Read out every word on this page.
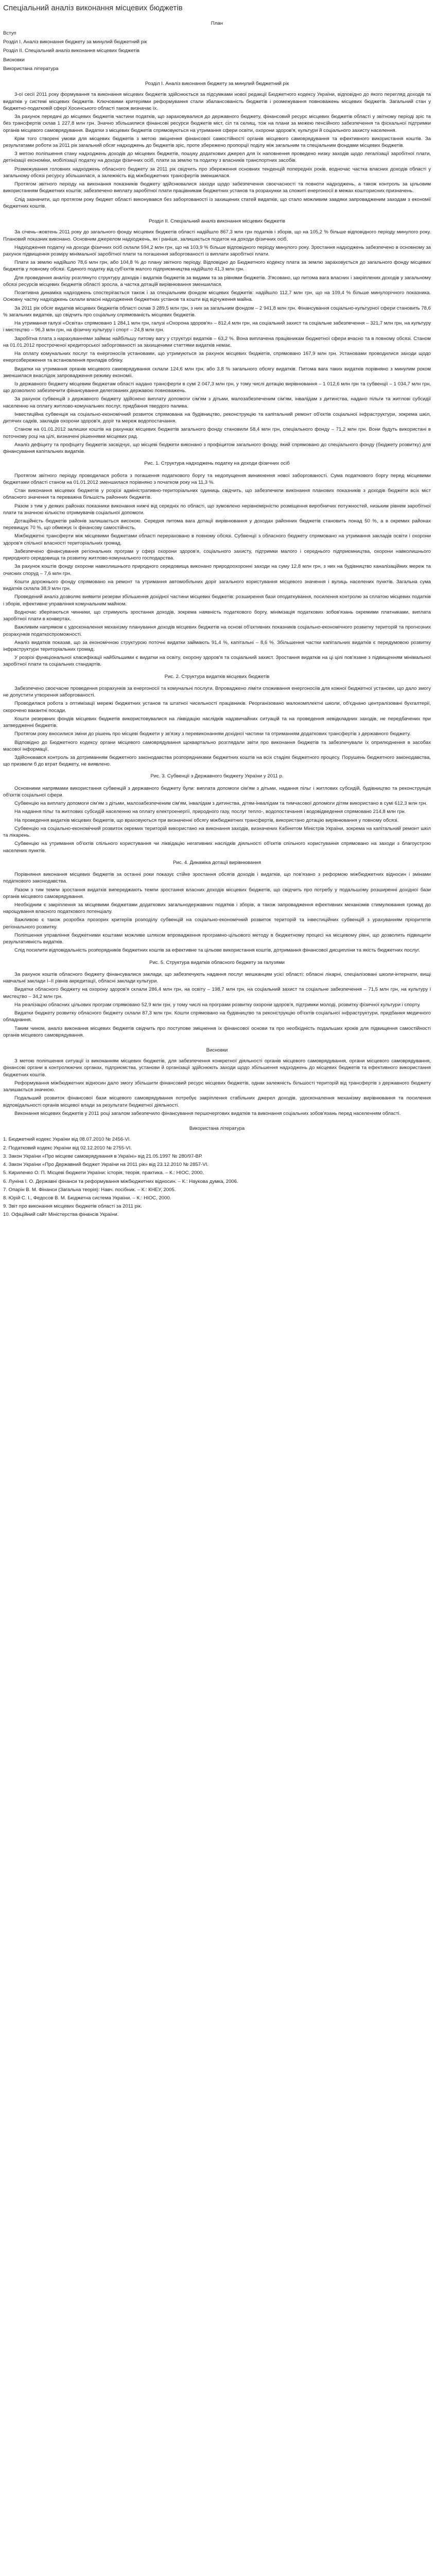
Спеціальний аналіз виконання місцевих бюджетів
План
Вступ
Розділ I. Аналіз виконання бюджету за минулий бюджетний рік
Розділ II. Спеціальний аналіз виконання місцевих бюджетів
Висновки
Використана література
Розділ I. Аналіз виконання бюджету за минулий бюджетний рік
3-ої сесії 2011 року формування та виконання місцевих бюджетів здійснюється за підсумками нової редакції Бюджетного кодексу України, відповідно до якого перегляд доходів та видатків у системі місцевих бюджетів. Ключовими критеріями реформування стали збалансованість бюджетів і розмежування повноважень місцевих бюджетів. Загальний стан у бюджетно-податковій сфері Хосинського області також визначає їх.
За рахунок передачі до місцевих бюджетів частини податків, що зараховувалися до державного бюджету, фінансовий ресурс місцевих бюджетів області у звітному періоді зріс та без трансфертів склав 1 227,8 млн грн. Значно збільшилися фінансові ресурси бюджетів міст, сіл та селищ, тож на плани за межею пенсійного забезпечення та фіскальної підтримки органів місцевого самоврядування. Видатки з місцевих бюджетів спрямовуються на утримання сфери освіти, охорони здоров'я, культури й соціального захисту населення.
Крім того створені умови для місцевих бюджетів з метою зміцнення фінансової самостійності органів місцевого самоврядування та ефективного використання коштів. За результатами роботи за 2011 рік загальний обсяг надходжень до бюджетів зріс, проте збережено пропорції поділу між загальним та спеціальним фондами місцевих бюджетів.
З метою поліпшення стану надходжень доходів до місцевих бюджетів, пошуку додаткових джерел для їх наповнення проведено низку заходів щодо легалізації заробітної плати, детінізації економіки, мобілізації податку на доходи фізичних осіб, плати за землю та податку з власників транспортних засобів.
Розмежування головних надходжень обласного бюджету за 2011 рік свідчить про збереження основних тенденцій попередніх років, водночас частка власних доходів області у загальному обсязі ресурсу збільшилася, а залежність від міжбюджетних трансфертів зменшилася.
Протягом звітного періоду на виконання показників бюджету здійснювалися заходи щодо забезпечення своєчасності та повноти надходжень, а також контроль за цільовим використанням бюджетних коштів; забезпечено виплату заробітної плати працівникам бюджетних установ та розрахунки за спожиті енергоносії в межах кошторисних призначень.
Слід зазначити, що протягом року бюджет області виконувався без заборгованості із захищених статей видатків, що стало можливим завдяки запровадженим заходам з економії бюджетних коштів.
Розділ II. Спеціальний аналіз виконання місцевих бюджетів
За січень–жовтень 2011 року до загального фонду місцевих бюджетів області надійшло 867,3 млн грн податків і зборів, що на 105,2 % більше відповідного періоду минулого року. Плановий показник виконано. Основним джерелом надходжень, як і раніше, залишається податок на доходи фізичних осіб.
Надходження податку на доходи фізичних осіб склали 594,2 млн грн, що на 103,9 % більше відповідного періоду минулого року. Зростання надходжень забезпечено в основному за рахунок підвищення розміру мінімальної заробітної плати та погашення заборгованості із виплати заробітної плати.
Плати за землю надійшло 78,6 млн грн, або 104,8 % до плану звітного періоду. Відповідно до Бюджетного кодексу плата за землю зараховується до загального фонду місцевих бюджетів у повному обсязі. Єдиного податку від суб'єктів малого підприємництва надійшло 41,3 млн грн.
Для проведення аналізу розглянуто структуру доходів і видатків бюджетів за видами та за рівнями бюджетів. З'ясовано, що питома вага власних і закріплених доходів у загальному обсязі ресурсів місцевих бюджетів області зросла, а частка дотацій вирівнювання зменшилася.
Позитивна динаміка надходжень спостерігається також і за спеціальним фондом місцевих бюджетів: надійшло 112,7 млн грн, що на 109,4 % більше минулорічного показника. Основну частку надходжень склали власні надходження бюджетних установ та кошти від відчуження майна.
За 2011 рік обсяг видатків місцевих бюджетів області склав 3 289,5 млн грн, з них за загальним фондом – 2 941,8 млн грн. Фінансування соціально-культурної сфери становить 78,6 % загальних видатків, що свідчить про соціальну спрямованість місцевих бюджетів.
На утримання галузі «Освіта» спрямовано 1 284,1 млн грн, галузі «Охорона здоров'я» – 812,4 млн грн, на соціальний захист та соціальне забезпечення – 321,7 млн грн, на культуру і мистецтво – 96,3 млн грн, на фізичну культуру і спорт – 24,8 млн грн.
Заробітна плата з нарахуваннями займає найбільшу питому вагу у структурі видатків – 63,2 %. Вона виплачена працівникам бюджетної сфери вчасно та в повному обсязі. Станом на 01.01.2012 простроченої кредиторської заборгованості за захищеними статтями видатків немає.
На оплату комунальних послуг та енергоносіїв установами, що утримуються за рахунок місцевих бюджетів, спрямовано 167,9 млн грн. Установами проводилися заходи щодо енергозбереження та встановлення приладів обліку.
Видатки на утримання органів місцевого самоврядування склали 124,6 млн грн, або 3,8 % загального обсягу видатків. Питома вага таких видатків порівняно з минулим роком зменшилася внаслідок запровадження режиму економії.
Із державного бюджету місцевим бюджетам області надано трансферти в сумі 2 047,3 млн грн, у тому числі дотацію вирівнювання – 1 012,6 млн грн та субвенції – 1 034,7 млн грн, що дозволило забезпечити фінансування делегованих державою повноважень.
За рахунок субвенцій з державного бюджету здійснено виплату допомоги сім'ям з дітьми, малозабезпеченим сім'ям, інвалідам з дитинства, надано пільги та житлові субсидії населенню на оплату житлово-комунальних послуг, придбання твердого палива.
Інвестиційна субвенція на соціально-економічний розвиток спрямована на будівництво, реконструкцію та капітальний ремонт об'єктів соціальної інфраструктури, зокрема шкіл, дитячих садків, закладів охорони здоров'я, доріг та мереж водопостачання.
Станом на 01.01.2012 залишки коштів на рахунках місцевих бюджетів загального фонду становили 58,4 млн грн, спеціального фонду – 71,2 млн грн. Вони будуть використані в поточному році на цілі, визначені рішеннями місцевих рад.
Аналіз дефіциту та профіциту бюджетів засвідчує, що місцеві бюджети виконано з профіцитом загального фонду, який спрямовано до спеціального фонду (бюджету розвитку) для фінансування капітальних видатків.
Рис. 1. Структура надходжень податку на доходи фізичних осіб
Протягом звітного періоду проводилася робота з погашення податкового боргу та недопущення виникнення нової заборгованості. Сума податкового боргу перед місцевими бюджетами області станом на 01.01.2012 зменшилася порівняно з початком року на 11,3 %.
Стан виконання місцевих бюджетів у розрізі адміністративно-територіальних одиниць свідчить, що забезпечили виконання планових показників з доходів бюджети всіх міст обласного значення та переважна більшість районних бюджетів.
Разом з тим у деяких районах показники виконання нижчі від середніх по області, що зумовлено нерівномірністю розміщення виробничих потужностей, низьким рівнем заробітної плати та значною кількістю отримувачів соціальної допомоги.
Дотаційність бюджетів районів залишається високою. Середня питома вага дотації вирівнювання у доходах районних бюджетів становить понад 50 %, а в окремих районах перевищує 70 %, що обмежує їх фінансову самостійність.
Міжбюджетні трансферти між місцевими бюджетами області перераховано в повному обсязі. Субвенції з обласного бюджету спрямовано на утримання закладів освіти і охорони здоров'я спільної власності територіальних громад.
Забезпечено фінансування регіональних програм у сфері охорони здоров'я, соціального захисту, підтримки малого і середнього підприємництва, охорони навколишнього природного середовища та розвитку житлово-комунального господарства.
За рахунок коштів фонду охорони навколишнього природного середовища виконано природоохоронні заходи на суму 12,8 млн грн, з них на будівництво каналізаційних мереж та очисних споруд – 7,6 млн грн.
Кошти дорожнього фонду спрямовано на ремонт та утримання автомобільних доріг загального користування місцевого значення і вулиць населених пунктів. Загальна сума видатків склала 38,9 млн грн.
Проведений аналіз дозволяє виявити резерви збільшення дохідної частини місцевих бюджетів: розширення бази оподаткування, посилення контролю за сплатою місцевих податків і зборів, ефективне управління комунальним майном.
Водночас зберігаються чинники, що стримують зростання доходів, зокрема наявність податкового боргу, мінімізація податкових зобов'язань окремими платниками, виплата заробітної плати в конвертах.
Важливим напрямом є удосконалення механізму планування доходів місцевих бюджетів на основі об'єктивних показників соціально-економічного розвитку територій та прогнозних розрахунків податкоспроможності.
Аналіз видатків показав, що за економічною структурою поточні видатки займають 91,4 %, капітальні – 8,6 %. Збільшення частки капітальних видатків є передумовою розвитку інфраструктури територіальних громад.
У розрізі функціональної класифікації найбільшими є видатки на освіту, охорону здоров'я та соціальний захист. Зростання видатків на ці цілі пов'язане з підвищенням мінімальної заробітної плати та соціальних стандартів.
Рис. 2. Структура видатків місцевих бюджетів
Забезпечено своєчасне проведення розрахунків за енергоносії та комунальні послуги. Впроваджено ліміти споживання енергоносіїв для кожної бюджетної установи, що дало змогу не допустити утворення заборгованості.
Проводилася робота з оптимізації мережі бюджетних установ та штатної чисельності працівників. Реорганізовано малокомплектні школи, об'єднано централізовані бухгалтерії, скорочено вакантні посади.
Кошти резервних фондів місцевих бюджетів використовувалися на ліквідацію наслідків надзвичайних ситуацій та на проведення невідкладних заходів, не передбачених при затвердженні бюджетів.
Протягом року вносилися зміни до рішень про місцеві бюджети у зв'язку з перевиконанням дохідної частини та отриманням додаткових трансфертів з державного бюджету.
Відповідно до Бюджетного кодексу органи місцевого самоврядування щоквартально розглядали звіти про виконання бюджетів та забезпечували їх оприлюднення в засобах масової інформації.
Здійснювався контроль за дотриманням бюджетного законодавства розпорядниками бюджетних коштів на всіх стадіях бюджетного процесу. Порушень бюджетного законодавства, що призвели б до втрат бюджету, не виявлено.
Рис. 3. Субвенції з Державного бюджету України у 2011 р.
Основними напрямами використання субвенцій з державного бюджету були: виплата допомоги сім'ям з дітьми, надання пільг і житлових субсидій, будівництво та реконструкція об'єктів соціальної сфери.
Субвенцію на виплату допомоги сім'ям з дітьми, малозабезпеченим сім'ям, інвалідам з дитинства, дітям-інвалідам та тимчасової допомоги дітям використано в сумі 612,3 млн грн.
На надання пільг та житлових субсидій населенню на оплату електроенергії, природного газу, послуг тепло-, водопостачання і водовідведення спрямовано 214,8 млн грн.
На проведення видатків місцевих бюджетів, що враховуються при визначенні обсягу міжбюджетних трансфертів, використано дотацію вирівнювання у повному обсязі.
Субвенцію на соціально-економічний розвиток окремих територій використано на виконання заходів, визначених Кабінетом Міністрів України, зокрема на капітальний ремонт шкіл та лікарень.
Субвенцію на утримання об'єктів спільного користування чи ліквідацію негативних наслідків діяльності об'єктів спільного користування спрямовано на заходи з благоустрою населених пунктів.
Рис. 4. Динаміка дотації вирівнювання
Порівняння виконання місцевих бюджетів за останні роки показує стійке зростання обсягів доходів і видатків, що пов'язано з реформою міжбюджетних відносин і змінами податкового законодавства.
Разом з тим темпи зростання видатків випереджають темпи зростання власних доходів місцевих бюджетів, що свідчить про потребу у подальшому розширенні дохідної бази органів місцевого самоврядування.
Необхідним є закріплення за місцевими бюджетами додаткових загальнодержавних податків і зборів, а також запровадження ефективних механізмів стимулювання громад до нарощування власного податкового потенціалу.
Важливою є також розробка прозорих критеріїв розподілу субвенцій на соціально-економічний розвиток територій та інвестиційних субвенцій з урахуванням пріоритетів регіонального розвитку.
Поліпшення управління бюджетними коштами можливе шляхом впровадження програмно-цільового методу в бюджетному процесі на місцевому рівні, що дозволить підвищити результативність видатків.
Слід посилити відповідальність розпорядників бюджетних коштів за ефективне та цільове використання коштів, дотримання фінансової дисципліни та якість бюджетних послуг.
Рис. 5. Структура видатків обласного бюджету за галузями
За рахунок коштів обласного бюджету фінансувалися заклади, що забезпечують надання послуг мешканцям усієї області: обласні лікарні, спеціалізовані школи-інтернати, вищі навчальні заклади I–II рівнів акредитації, обласні заклади культури.
Видатки обласного бюджету на охорону здоров'я склали 286,4 млн грн, на освіту – 198,7 млн грн, на соціальний захист та соціальне забезпечення – 71,5 млн грн, на культуру і мистецтво – 34,2 млн грн.
На реалізацію обласних цільових програм спрямовано 52,9 млн грн, у тому числі на програми розвитку охорони здоров'я, підтримки молоді, розвитку фізичної культури і спорту.
Видатки бюджету розвитку обласного бюджету склали 87,3 млн грн. Кошти спрямовано на будівництво та реконструкцію об'єктів соціальної інфраструктури, придбання медичного обладнання.
Таким чином, аналіз виконання місцевих бюджетів свідчить про поступове зміцнення їх фінансової основи та про необхідність подальших кроків для підвищення самостійності органів місцевого самоврядування.
Висновки
З метою поліпшення ситуації із виконанням місцевих бюджетів, для забезпечення конкретної діяльності органів місцевого самоврядування, органи місцевого самоврядування, фінансові органи в контролюючих органах, підприємства, установи й організації здійснюють заходи щодо збільшення надходжень до місцевих бюджетів та ефективного використання бюджетних коштів.
Реформування міжбюджетних відносин дало змогу збільшити фінансовий ресурс місцевих бюджетів, однак залежність більшості територій від трансфертів з державного бюджету залишається значною.
Подальший розвиток фінансової бази місцевого самоврядування потребує закріплення стабільних джерел доходів, удосконалення механізму вирівнювання та посилення відповідальності органів місцевої влади за результати бюджетної діяльності.
Виконання місцевих бюджетів у 2011 році загалом забезпечило фінансування першочергових видатків та виконання соціальних зобов'язань перед населенням області.
Використана література
1. Бюджетний кодекс України від 08.07.2010 № 2456-VI.
2. Податковий кодекс України від 02.12.2010 № 2755-VI.
3. Закон України «Про місцеве самоврядування в Україні» від 21.05.1997 № 280/97-ВР.
4. Закон України «Про Державний бюджет України на 2011 рік» від 23.12.2010 № 2857-VI.
5. Кириленко О. П. Місцеві бюджети України: історія, теорія, практика. – К.: НІОС, 2000.
6. Луніна І. О. Державні фінанси та реформування міжбюджетних відносин. – К.: Наукова думка, 2006.
7. Опарін В. М. Фінанси (Загальна теорія): Навч. посібник. – К.: КНЕУ, 2005.
8. Юрій С. І., Федосов В. М. Бюджетна система України. – К.: НІОС, 2000.
9. Звіт про виконання місцевих бюджетів області за 2011 рік.
10. Офіційний сайт Міністерства фінансів України.
